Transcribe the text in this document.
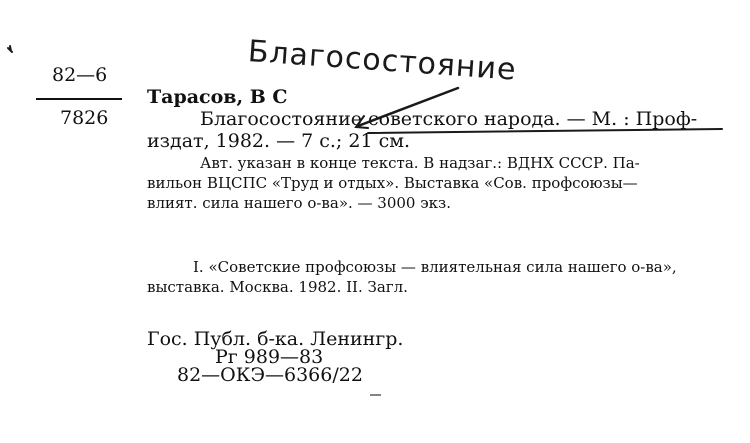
82—6
7826
Тарасов, В С
Благосостояние советского народа. — М. : Проф-
издат, 1982. — 7 с.; 21 см.
Авт. указан в конце текста. В надзаг.: ВДНХ СССР. Па-
вильон ВЦСПС «Труд и отдых». Выставка «Сов. профсоюзы—
влият. сила нашего о-ва». — 3000 экз.
I. «Советские профсоюзы — влиятельная сила нашего о-ва»,
выставка. Москва. 1982. II. Загл.
Гос. Публ. б-ка. Ленингр.
Рг 989—83
82—ОКЭ—6366/22
Благосостояние
